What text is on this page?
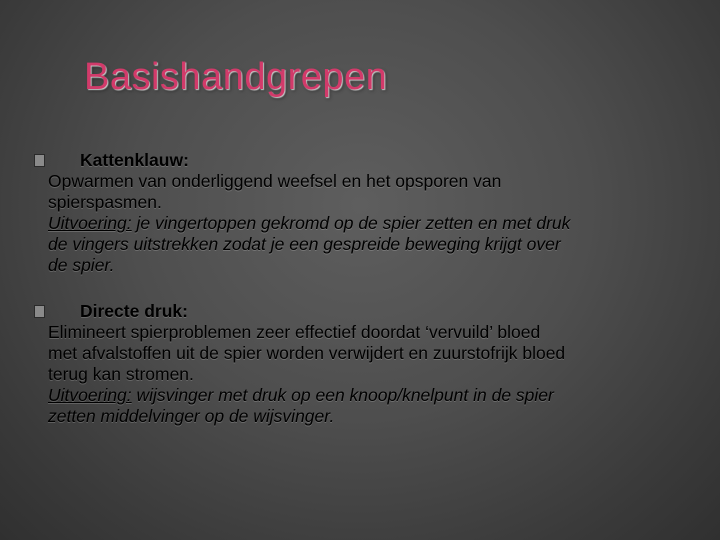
Basishandgrepen
Kattenklauw:
Opwarmen van onderliggend weefsel en het opsporen van
spierspasmen.
Uitvoering: je vingertoppen gekromd op de spier zetten en met druk
de vingers uitstrekken zodat je een gespreide beweging krijgt over
de spier.
Directe druk:
Elimineert spierproblemen zeer effectief doordat ‘vervuild’ bloed
met afvalstoffen uit de spier worden verwijdert en zuurstofrijk bloed
terug kan stromen.
Uitvoering: wijsvinger met druk op een knoop/knelpunt in de spier
zetten middelvinger op de wijsvinger.
